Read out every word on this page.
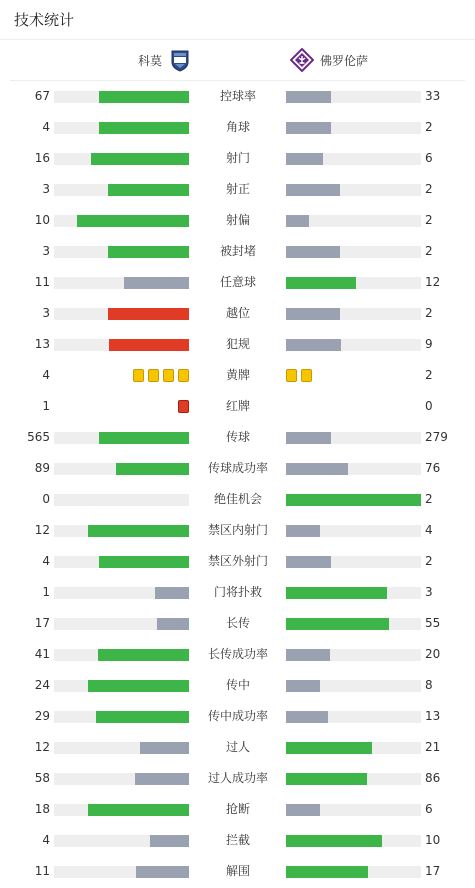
技术统计
科莫	佛罗伦萨
67	控球率	33
4	角球	2
16	射门	6
3	射正	2
10	射偏	2
3	被封堵	2
11	任意球	12
3	越位	2
13	犯规	9
4	黄牌	2
1	红牌	0
565	传球	279
89	传球成功率	76
0	绝佳机会	2
12	禁区内射门	4
4	禁区外射门	2
1	门将扑救	3
17	长传	55
41	长传成功率	20
24	传中	8
29	传中成功率	13
12	过人	21
58	过人成功率	86
18	抢断	6
4	拦截	10
11	解围	17
